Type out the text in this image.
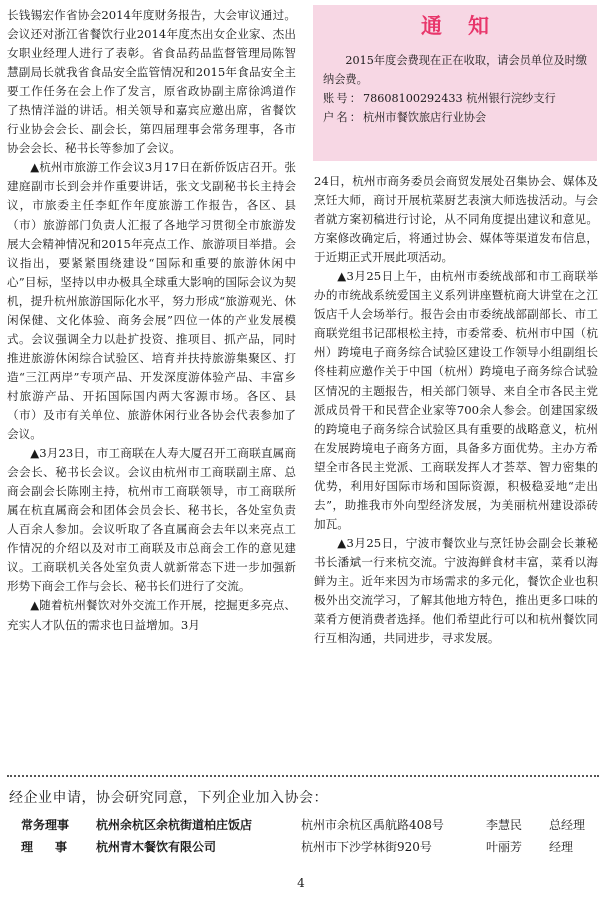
长钱锡宏作省协会2014年度财务报告，大会审议通过。会议还对浙江省餐饮行业2014年度杰出女企业家、杰出女职业经理人进行了表彰。省食品药品监督管理局陈智慧副局长就我省食品安全监管情况和2015年食品安全主要工作任务在会上作了发言，原省政协副主席徐鸿道作了热情洋溢的讲话。相关领导和嘉宾应邀出席，省餐饮行业协会会长、副会长，第四届理事会常务理事，各市协会会长、秘书长等参加了会议。

▲杭州市旅游工作会议3月17日在新侨饭店召开。张建庭副市长到会并作重要讲话，张文戈副秘书长主持会议，市旅委主任李虹作年度旅游工作报告，各区、县（市）旅游部门负责人汇报了各地学习贯彻全市旅游发展大会精神情况和2015年亮点工作、旅游项目举措。会议指出，要紧紧围绕建设“国际和重要的旅游休闲中心”目标，坚持以申办极具全球重大影响的国际会议为契机，提升杭州旅游国际化水平，努力形成“旅游观光、休闲保健、文化体验、商务会展”四位一体的产业发展模式。会议强调全力以赴扩投资、推项目、抓产品，同时推进旅游休闲综合试验区、培育并扶持旅游集聚区、打造“三江两岸”专项产品、开发深度游体验产品、丰富乡村旅游产品、开拓国际国内两大客源市场。各区、县（市）及市有关单位、旅游休闲行业各协会代表参加了会议。

▲3月23日，市工商联在人寿大厦召开工商联直属商会会长、秘书长会议。会议由杭州市工商联副主席、总商会副会长陈刚主持，杭州市工商联领导，市工商联所属在杭直属商会和团体会员会长、秘书长，各处室负责人百余人参加。会议听取了各直属商会去年以来亮点工作情况的介绍以及对市工商联及市总商会工作的意见建议。工商联机关各处室负责人就新常态下进一步加强新形势下商会工作与会长、秘书长们进行了交流。

▲随着杭州餐饮对外交流工作开展，挖掘更多亮点、充实人才队伍的需求也日益增加。3月

通知

2015年度会费现在正在收取，请会员单位及时缴纳会费。

账号： 78608100292433 杭州银行浣纱支行
户名： 杭州市餐饮旅店行业协会

24日，杭州市商务委员会商贸发展处召集协会、媒体及烹饪大师，商讨开展杭菜厨艺表演大师选拔活动。与会者就方案初稿进行讨论，从不同角度提出建议和意见。方案修改确定后，将通过协会、媒体等渠道发布信息，于近期正式开展此项活动。

▲3月25日上午，由杭州市委统战部和市工商联举办的市统战系统爱国主义系列讲座暨杭商大讲堂在之江饭店千人会场举行。报告会由市委统战部副部长、市工商联党组书记邵根松主持，市委常委、杭州市中国（杭州）跨境电子商务综合试验区建设工作领导小组副组长佟桂莉应邀作关于中国（杭州）跨境电子商务综合试验区情况的主题报告，相关部门领导、来自全市各民主党派成员骨干和民营企业家等700余人参会。创建国家级的跨境电子商务综合试验区具有重要的战略意义，杭州在发展跨境电子商务方面，具备多方面优势。主办方希望全市各民主党派、工商联发挥人才荟萃、智力密集的优势，利用好国际市场和国际资源，积极稳妥地“走出去”，助推我市外向型经济发展，为美丽杭州建设添砖加瓦。

▲3月25日，宁波市餐饮业与烹饪协会副会长兼秘书长潘斌一行来杭交流。宁波海鲜食材丰富，菜肴以海鲜为主。近年来因为市场需求的多元化，餐饮企业也积极外出交流学习，了解其他地方特色，推出更多口味的菜肴方便消费者选择。他们希望此行可以和杭州餐饮同行互相沟通，共同进步，寻求发展。

经企业申请，协会研究同意，下列企业加入协会：
常务理事	杭州余杭区余杭街道柏庄饭店	杭州市余杭区禹航路408号	李慧民 总经理
理事 杭州青木餐饮有限公司	杭州市下沙学林街920号	叶丽芳 经理
4
